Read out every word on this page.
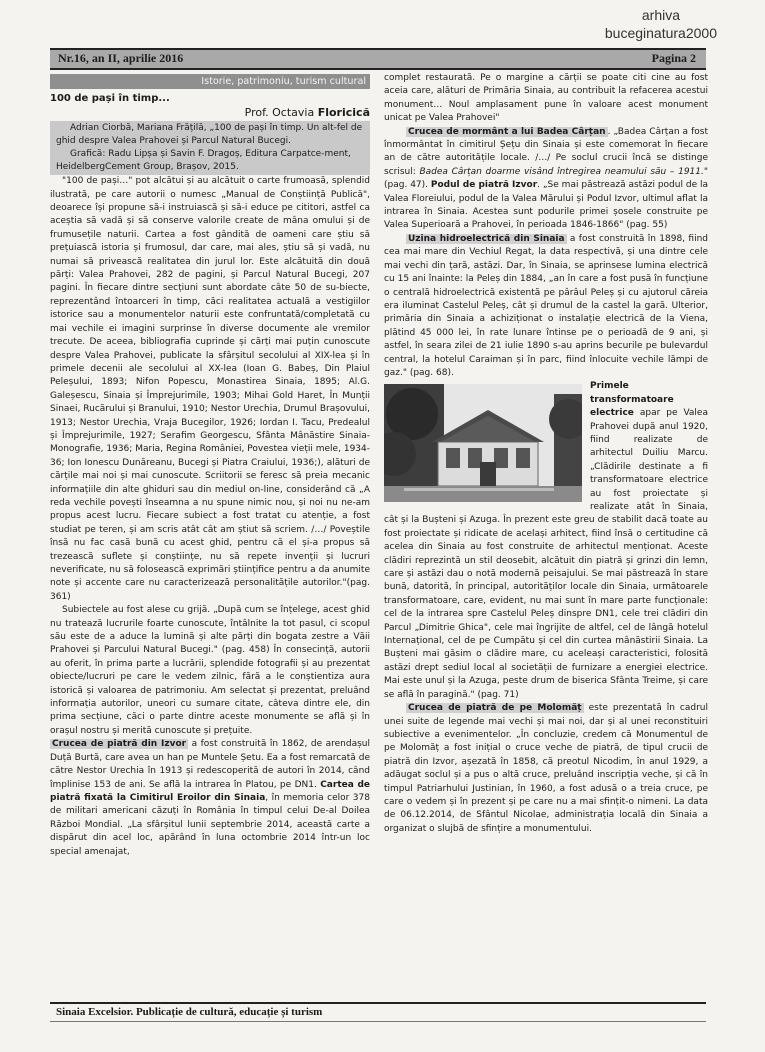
arhiva
buceginatura2000
Nr.16, an II, aprilie 2016	Pagina 2
Istorie, patrimoniu, turism cultural
100 de pași în timp...
Prof. Octavia Floricică

Adrian Ciorbă, Mariana Frățilă, „100 de pași în timp. Un alt-fel de ghid despre Valea Prahovei și Parcul Natural Bucegi.

Grafică: Radu Lipșa și Savin F. Dragoș, Editura Carpatce-ment, HeidelbergCement Group, Brașov, 2015.

"100 de pași…" pot alcătui și au alcătuit o carte frumoasă, splendid ilustrată, pe care autorii o numesc „Manual de Conștiință Publică", deoarece își propune să-i instruiască și să-i educe pe cititori, astfel ca aceștia să vadă și să conserve valorile create de mâna omului și de frumusețile naturii. Cartea a fost gândită de oameni care știu să prețuiască istoria și frumosul, dar care, mai ales, știu să și vadă, nu numai să privească realitatea din jurul lor. Este alcătuită din două părți: Valea Prahovei, 282 de pagini, și Parcul Natural Bucegi, 207 pagini. În fiecare dintre secțiuni sunt abordate câte 50 de su-biecte, reprezentând întoarceri în timp, căci realitatea actuală a vestigiilor istorice sau a monumentelor naturii este confruntată/completată cu mai vechile ei imagini surprinse în diverse documente ale vremilor trecute. De aceea, bibliografia cuprinde și cărți mai puțin cunoscute despre Valea Prahovei, publicate la sfârșitul secolului al XIX-lea și în primele decenii ale secolului al XX-lea (Ioan G. Babeș, Din Plaiul Peleșului, 1893; Nifon Popescu, Monastirea Sinaia, 1895; Al.G. Galeșescu, Sinaia și Împrejurimile, 1903; Mihai Gold Haret, În Munții Sinaei, Rucărului și Branului, 1910; Nestor Urechia, Drumul Brașovului, 1913; Nestor Urechia, Vraja Bucegilor, 1926; Iordan I. Tacu, Predealul și Împrejurimile, 1927; Serafim Georgescu, Sfânta Mânăstire Sinaia-Monografie, 1936; Maria, Regina României, Povestea vieții mele, 1934-36; Ion Ionescu Dunăreanu, Bucegi și Piatra Craiului, 1936;), alături de cărțile mai noi și mai cunoscute. Scriitorii se feresc să preia mecanic informațiile din alte ghiduri sau din mediul on-line, considerând că „A reda vechile povești înseamna a nu spune nimic nou, și noi nu ne-am propus acest lucru. Fiecare subiect a fost tratat cu atenție, a fost studiat pe teren, și am scris atât cât am știut să scriem. /…/ Poveștile însă nu fac casă bună cu acest ghid, pentru că el și-a propus să trezească suflete și conștiințe, nu să repete invenții și lucruri neverificate, nu să folosească exprimări științifice pentru a da anumite note și accente care nu caracterizează personalitățile autorilor."(pag. 361)

Subiectele au fost alese cu grijă. „După cum se înțelege, acest ghid nu tratează lucrurile foarte cunoscute, întâlnite la tot pasul, ci scopul său este de a aduce la lumină și alte părți din bogata zestre a Văii Prahovei și Parcului Natural Bucegi." (pag. 458) În consecință, autorii au oferit, în prima parte a lucrării, splendide fotografii și au prezentat obiecte/lucruri pe care le vedem zilnic, fără a le conștientiza aura istorică și valoarea de patrimoniu. Am selectat și prezentat, preluând informația autorilor, uneori cu sumare citate, câteva dintre ele, din prima secțiune, căci o parte dintre aceste monumente se află și în orașul nostru și merită cunoscute și prețuite.

Crucea de piatră din Izvor a fost construită în 1862, de arendașul Duță Burtă, care avea un han pe Muntele Șetu. Ea a fost remarcată de către Nestor Urechia în 1913 și redescoperită de autori în 2014, când împlinise 153 de ani. Se află la intrarea în Platou, pe DN1. Cartea de piatră fixată la Cimitirul Eroilor din Sinaia, în memoria celor 378 de militari americani căzuți în România în timpul celui De-al Doilea Război Mondial. „La sfârșitul lunii septembrie 2014, această carte a dispărut din acel loc, apărând în luna octombrie 2014 într-un loc special amenajat,

complet restaurată. Pe o margine a cărții se poate citi cine au fost aceia care, alături de Primăria Sinaia, au contribuit la refacerea acestui monument… Noul amplasament pune în valoare acest monument unicat pe Valea Prahovei"

Crucea de mormânt a lui Badea Cârțan . „Badea Cârțan a fost înmormântat în cimitirul Șețu din Sinaia și este comemorat în fiecare an de către autoritățile locale. /…/ Pe soclul crucii încă se distinge scrisul: Badea Cârțan doarme visând întregirea neamului său – 1911."(pag. 47). Podul de piatră Izvor. „Se mai păstrează astăzi podul de la Valea Floreiului, podul de la Valea Mărului și Podul Izvor, ultimul aflat la intrarea în Sinaia. Acestea sunt podurile primei șosele construite pe Valea Superioară a Prahovei, în perioada 1846-1866" (pag. 55)

Uzina hidroelectrică din Sinaia a fost construită în 1898, fiind cea mai mare din Vechiul Regat, la data respectivă, și una dintre cele mai vechi din țară, astăzi. Dar, în Sinaia, se aprinsese lumina electrică cu 15 ani înainte: la Peleș din 1884, „an în care a fost pusă în funcțiune o centrală hidroelectrică existentă pe pârâul Peleș și cu ajutorul căreia era iluminat Castelul Peleș, cât și drumul de la castel la gară. Ulterior, primăria din Sinaia a achiziționat o instalație electrică de la Viena, plătind 45 000 lei, în rate lunare întinse pe o perioadă de 9 ani, și astfel, în seara zilei de 21 iulie 1890 s-au aprins becurile pe bulevardul central, la hotelul Caraiman și în parc, fiind înlocuite vechile lămpi de gaz." (pag. 68).

Primele transformatoare electrice apar pe Valea Prahovei după anul 1920, fiind realizate de arhitectul Duiliu Marcu. „Clădirile destinate a fi transformatoare electrice au fost proiectate și realizate atât în Sinaia, cât și la Bușteni și Azuga. În prezent este greu de stabilit dacă toate au fost proiectate și ridicate de același arhitect, fiind însă o certitudine că acelea din Sinaia au fost construite de arhitectul menționat. Aceste clădiri reprezintă un stil deosebit, alcătuit din piatră și grinzi din lemn, care și astăzi dau o notă modernă peisajului. Se mai păstrează în stare bună, datorită, în principal, autorităților locale din Sinaia, următoarele transformatoare, care, evident, nu mai sunt în mare parte funcționale: cel de la intrarea spre Castelul Peleș dinspre DN1, cele trei clădiri din Parcul „Dimitrie Ghica", cele mai îngrijite de altfel, cel de lângă hotelul Internațional, cel de pe Cumpătu și cel din curtea mânăstirii Sinaia. La Bușteni mai găsim o clădire mare, cu aceleași caracteristici, folosită astăzi drept sediul local al societății de furnizare a energiei electrice. Mai este unul și la Azuga, peste drum de biserica Sfânta Treime, și care se află în paragină." (pag. 71)

Crucea de piatră de pe Molomăț este prezentată în cadrul unei suite de legende mai vechi și mai noi, dar și al unei reconstituiri subiective a evenimentelor. „În concluzie, credem că Monumentul de pe Molomăț a fost inițial o cruce veche de piatră, de tipul crucii de piatră din Izvor, așezată în 1858, că preotul Nicodim, în anul 1929, a adăugat soclul și a pus o altă cruce, preluând inscripția veche, și că în timpul Patriarhului Justinian, în 1960, a fost adusă o a treia cruce, pe care o vedem și în prezent și pe care nu a mai sfințit-o nimeni. La data de 06.12.2014, de Sfântul Nicolae, administrația locală din Sinaia a organizat o slujbă de sfințire a monumentului.

Sinaia Excelsior. Publicație de cultură, educație și turism
